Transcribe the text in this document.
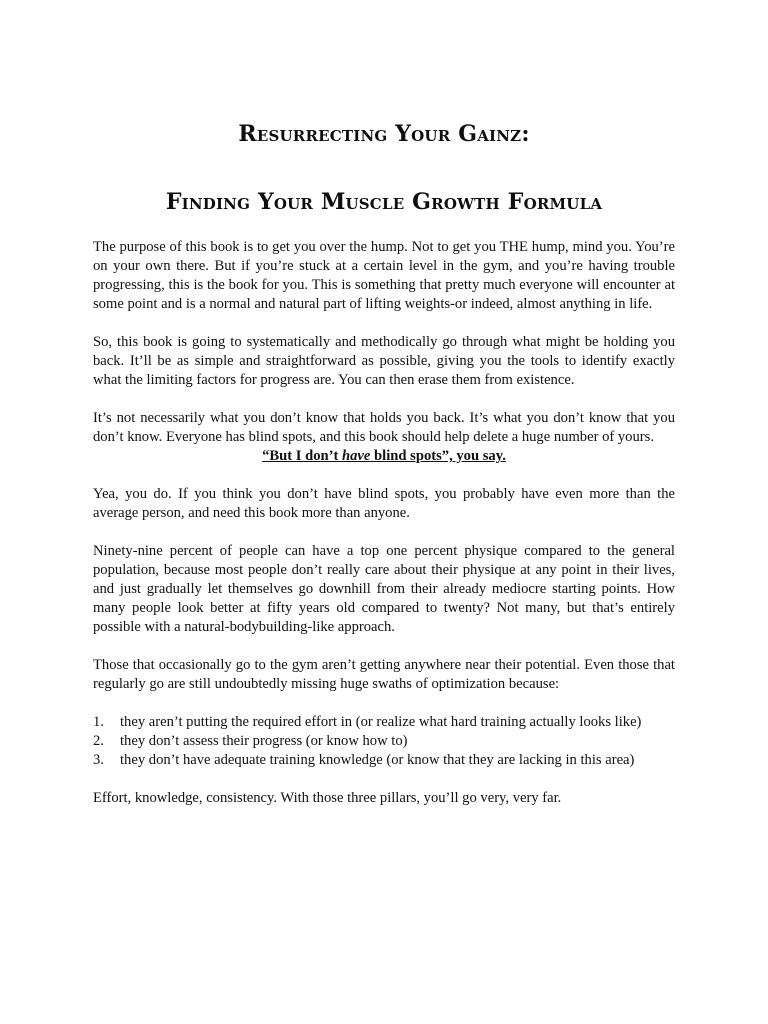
Resurrecting Your Gainz:
Finding Your Muscle Growth Formula

The purpose of this book is to get you over the hump. Not to get you THE hump, mind you. You’re on your own there. But if you’re stuck at a certain level in the gym, and you’re having trouble progressing, this is the book for you. This is something that pretty much everyone will encounter at some point and is a normal and natural part of lifting weights-or indeed, almost anything in life.

So, this book is going to systematically and methodically go through what might be holding you back. It’ll be as simple and straightforward as possible, giving you the tools to identify exactly what the limiting factors for progress are. You can then erase them from existence.

It’s not necessarily what you don’t know that holds you back. It’s what you don’t know that you don’t know. Everyone has blind spots, and this book should help delete a huge number of yours.

“But I don’t have blind spots”, you say.

Yea, you do. If you think you don’t have blind spots, you probably have even more than the average person, and need this book more than anyone.

Ninety-nine percent of people can have a top one percent physique compared to the general population, because most people don’t really care about their physique at any point in their lives, and just gradually let themselves go downhill from their already mediocre starting points. How many people look better at fifty years old compared to twenty? Not many, but that’s entirely possible with a natural-bodybuilding-like approach.

Those that occasionally go to the gym aren’t getting anywhere near their potential. Even those that regularly go are still undoubtedly missing huge swaths of optimization because:

1. they aren’t putting the required effort in (or realize what hard training actually looks like)
2. they don’t assess their progress (or know how to)
3. they don’t have adequate training knowledge (or know that they are lacking in this area)

Effort, knowledge, consistency. With those three pillars, you’ll go very, very far.
